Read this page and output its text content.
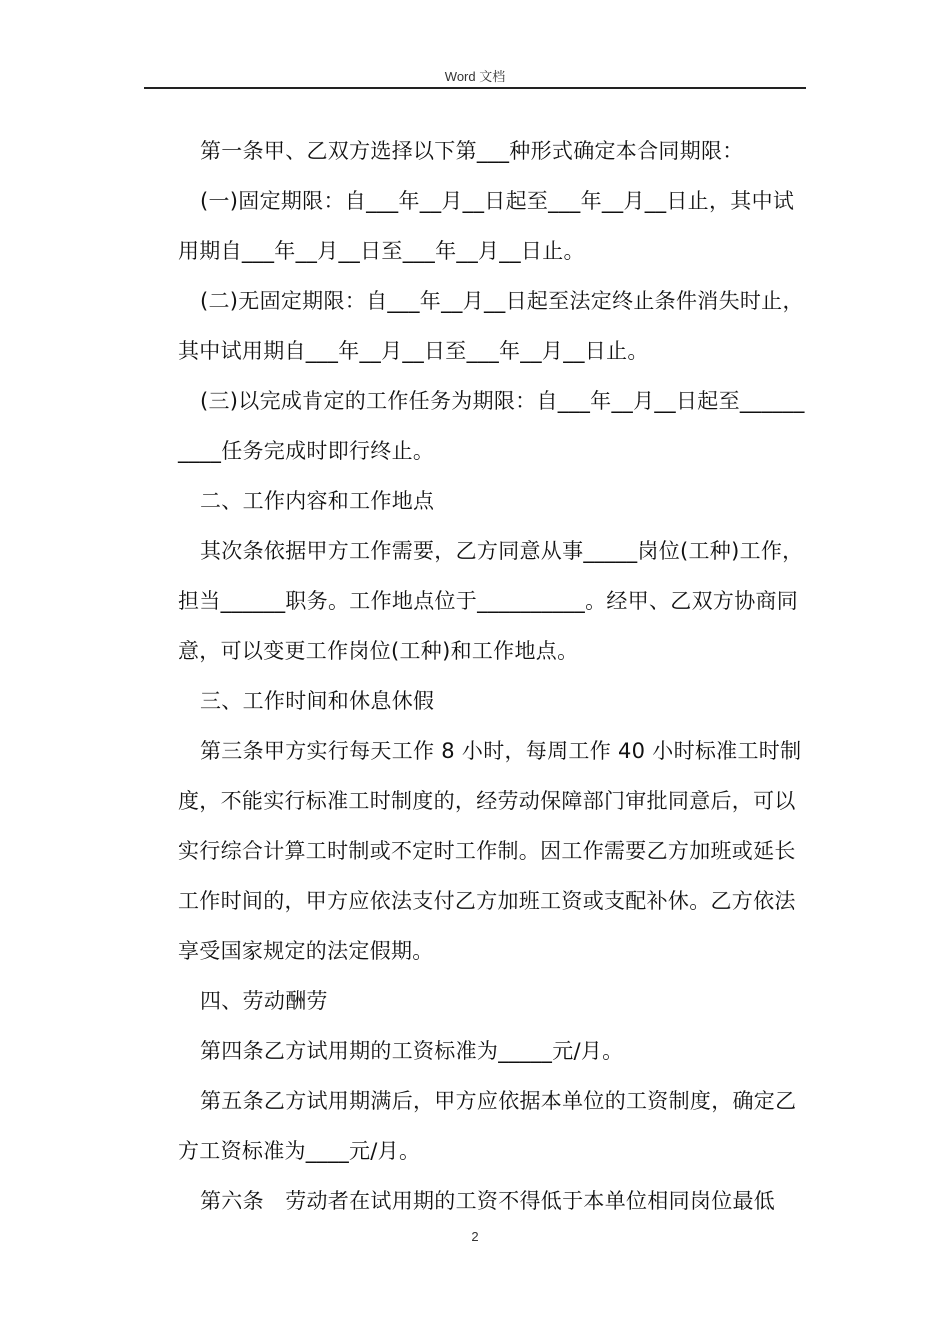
Word 文档

第一条甲、乙双方选择以下第___种形式确定本合同期限：

(一)固定期限：自___年__月__日起至___年__月__日止，其中试用期自___年__月__日至___年__月__日止。

(二)无固定期限：自___年__月__日起至法定终止条件消失时止，其中试用期自___年__月__日至___年__月__日止。

(三)以完成肯定的工作任务为期限：自___年__月__日起至__________任务完成时即行终止。

二、工作内容和工作地点

其次条依据甲方工作需要，乙方同意从事_____岗位(工种)工作，担当______职务。工作地点位于__________。经甲、乙双方协商同意，可以变更工作岗位(工种)和工作地点。

三、工作时间和休息休假

第三条甲方实行每天工作 8 小时，每周工作 40 小时标准工时制度，不能实行标准工时制度的，经劳动保障部门审批同意后，可以实行综合计算工时制或不定时工作制。因工作需要乙方加班或延长工作时间的，甲方应依法支付乙方加班工资或支配补休。乙方依法享受国家规定的法定假期。

四、劳动酬劳

第四条乙方试用期的工资标准为_____元/月。

第五条乙方试用期满后，甲方应依据本单位的工资制度，确定乙方工资标准为____元/月。

第六条　劳动者在试用期的工资不得低于本单位相同岗位最低

2
